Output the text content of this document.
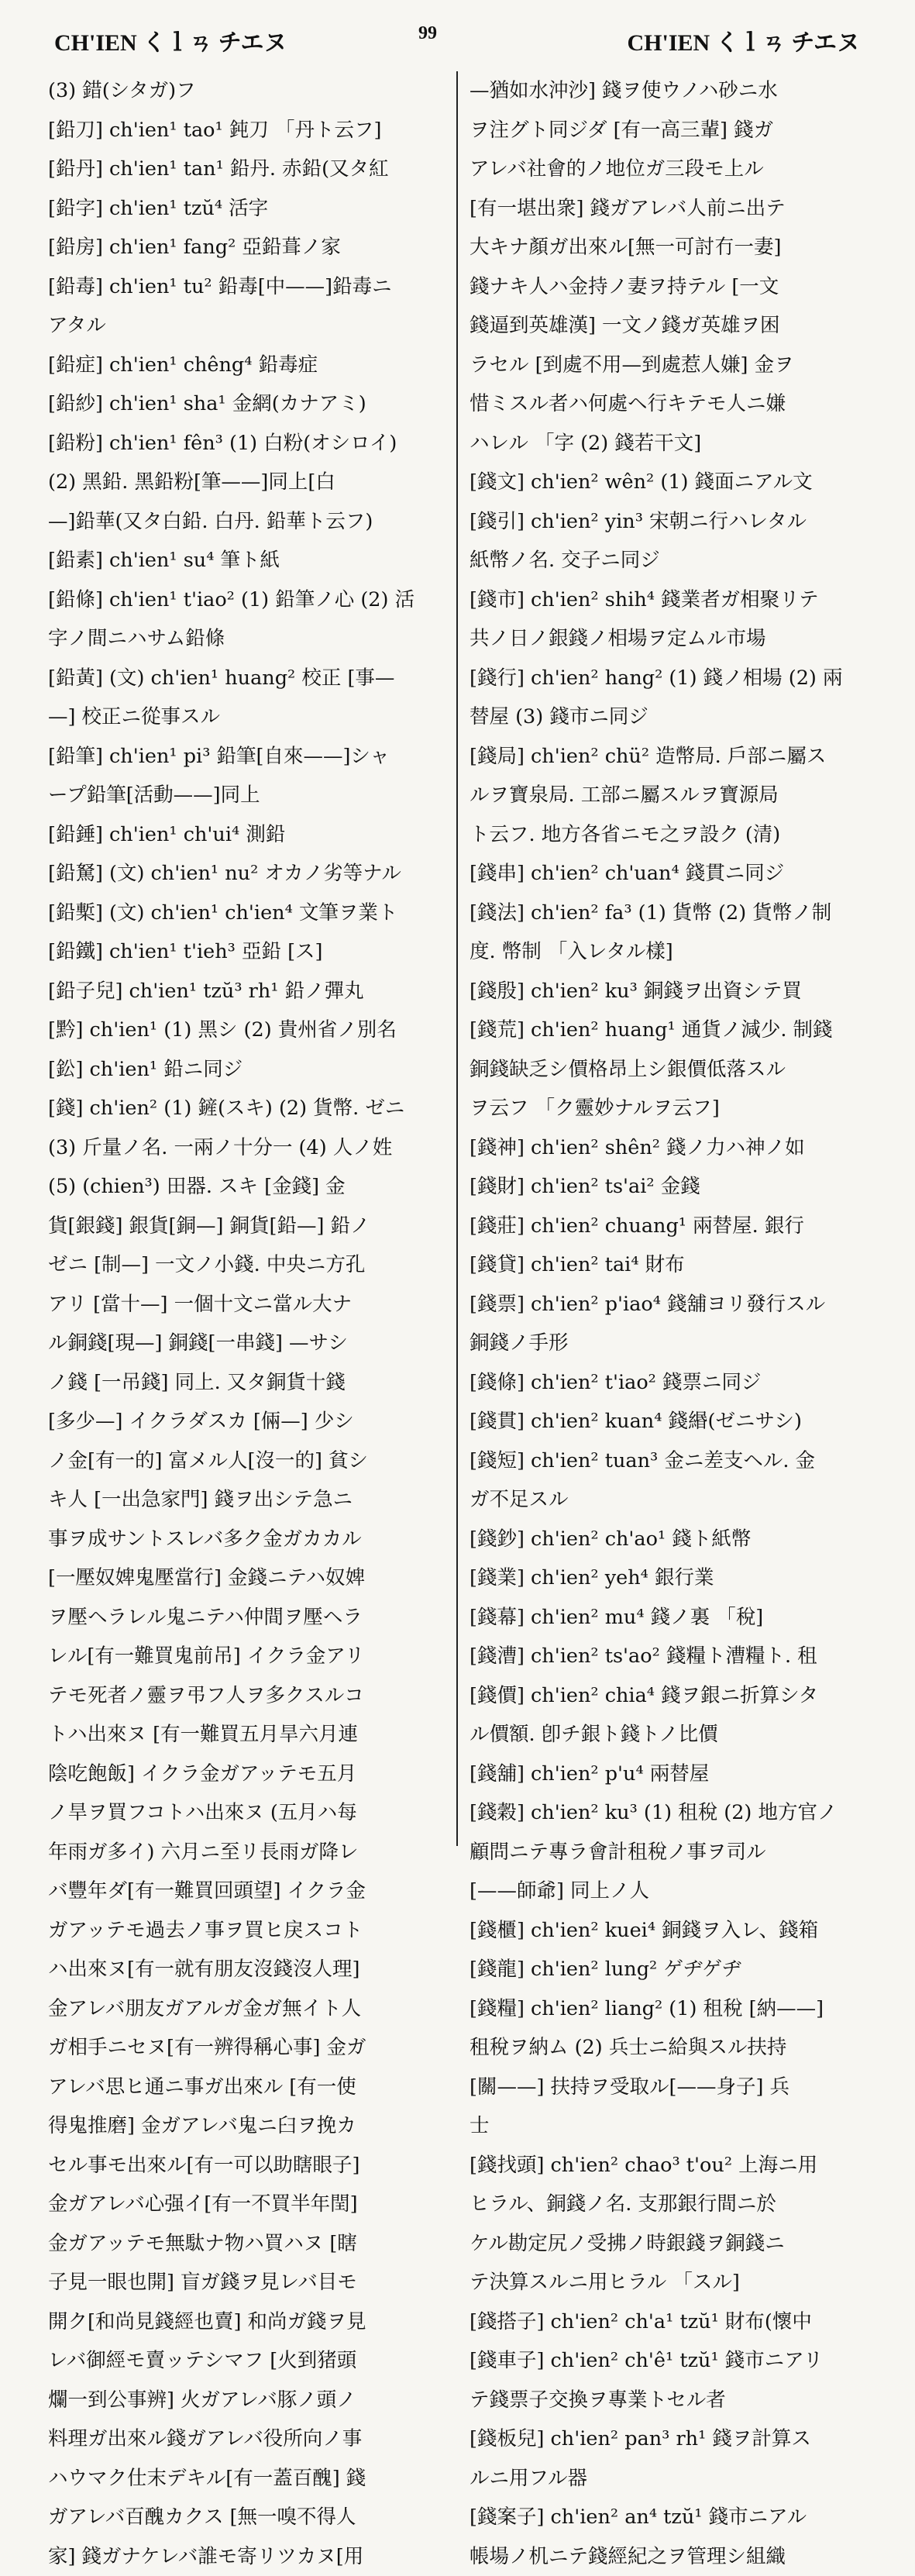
CH'IEN くｌㄢ チエヌ	99	CH'IEN くｌㄢ チエヌ
(3) 錯(シタガ)フ
[鉛刀] ch'ien¹ tao¹ 鈍刀 「丹ト云フ]
[鉛丹] ch'ien¹ tan¹ 鉛丹. 赤鉛(又タ紅
[鉛字] ch'ien¹ tzŭ⁴ 活字
[鉛房] ch'ien¹ fang² 亞鉛葺ノ家
[鉛毒] ch'ien¹ tu² 鉛毒[中——]鉛毒ニ
アタル
[鉛症] ch'ien¹ chêng⁴ 鉛毒症
[鉛紗] ch'ien¹ sha¹ 金網(カナアミ)
[鉛粉] ch'ien¹ fên³ (1) 白粉(オシロイ)
(2) 黑鉛. 黑鉛粉[筆——]同上[白
—]鉛華(又タ白鉛. 白丹. 鉛華ト云フ)
[鉛素] ch'ien¹ su⁴ 筆ト紙
[鉛條] ch'ien¹ t'iao² (1) 鉛筆ノ心 (2) 活
字ノ間ニハサム鉛條
[鉛黃] (文) ch'ien¹ huang² 校正 [事—
—] 校正ニ從事スル
[鉛筆] ch'ien¹ pi³ 鉛筆[自來——]シャ
ープ鉛筆[活動——]同上
[鉛錘] ch'ien¹ ch'ui⁴ 測鉛
[鉛駑] (文) ch'ien¹ nu² オカノ劣等ナル
[鉛槧] (文) ch'ien¹ ch'ien⁴ 文筆ヲ業ト
[鉛鐵] ch'ien¹ t'ieh³ 亞鉛 [ス]
[鉛子兒] ch'ien¹ tzŭ³ rh¹ 鉛ノ彈丸
[黔] ch'ien¹ (1) 黑シ (2) 貴州省ノ別名
[鈆] ch'ien¹ 鉛ニ同ジ
[錢] ch'ien² (1) 鏟(スキ) (2) 貨幣. ゼニ
(3) 斤量ノ名. 一兩ノ十分一 (4) 人ノ姓
(5) (chien³) 田器. スキ [金錢] 金
貨[銀錢] 銀貨[銅—] 銅貨[鉛—] 鉛ノ
ゼニ [制—] 一文ノ小錢. 中央ニ方孔
アリ [當十—] 一個十文ニ當ル大ナ
ル銅錢[現—] 銅錢[一串錢] —サシ
ノ錢 [一吊錢] 同上. 又タ銅貨十錢
[多少—] イクラダスカ [倆—] 少シ
ノ金[有一的] 富メル人[沒一的] 貧シ
キ人 [一出急家門] 錢ヲ出シテ急ニ
事ヲ成サントスレバ多ク金ガカカル
[一壓奴婢鬼壓當行] 金錢ニテハ奴婢
ヲ壓ヘラレル鬼ニテハ仲間ヲ壓ヘラ
レル[有一難買鬼前吊] イクラ金アリ
テモ死者ノ靈ヲ弔フ人ヲ多クスルコ
トハ出來ヌ [有一難買五月旱六月連
陰吃飽飯] イクラ金ガアッテモ五月
ノ旱ヲ買フコトハ出來ヌ (五月ハ每
年雨ガ多イ) 六月ニ至リ長雨ガ降レ
バ豐年ダ[有一難買回頭望] イクラ金
ガアッテモ過去ノ事ヲ買ヒ戾スコト
ハ出來ヌ[有一就有朋友沒錢沒人理]
金アレバ朋友ガアルガ金ガ無イト人
ガ相手ニセヌ[有一辨得稱心事] 金ガ
アレバ思ヒ通ニ事ガ出來ル [有一使
得鬼推磨] 金ガアレバ鬼ニ臼ヲ挽カ
セル事モ出來ル[有一可以助瞎眼子]
金ガアレバ心强イ[有一不買半年閏]
金ガアッテモ無駄ナ物ハ買ハヌ [瞎
子見一眼也開] 盲ガ錢ヲ見レバ目モ
開ク[和尚見錢經也賣] 和尚ガ錢ヲ見
レバ御經モ賣ッテシマフ [火到猪頭
爛一到公事辨] 火ガアレバ豚ノ頭ノ
料理ガ出來ル錢ガアレバ役所向ノ事
ハウマク仕末デキル[有一蓋百醜] 錢
ガアレバ百醜カクス [無一嗅不得人
家] 錢ガナケレバ誰モ寄リツカヌ[用
—猶如水沖沙] 錢ヲ使ウノハ砂ニ水
ヲ注グト同ジダ [有一高三輩] 錢ガ
アレバ社會的ノ地位ガ三段モ上ル
[有一堪出衆] 錢ガアレバ人前ニ出テ
大キナ顏ガ出來ル[無一可討冇一妻]
錢ナキ人ハ金持ノ妻ヲ持テル [一文
錢逼到英雄漢] 一文ノ錢ガ英雄ヲ困
ラセル [到處不用—到處惹人嫌] 金ヲ
惜ミスル者ハ何處ヘ行キテモ人ニ嫌
ハレル 「字 (2) 錢若干文]
[錢文] ch'ien² wên² (1) 錢面ニアル文
[錢引] ch'ien² yin³ 宋朝ニ行ハレタル
紙幣ノ名. 交子ニ同ジ
[錢市] ch'ien² shih⁴ 錢業者ガ相聚リテ
共ノ日ノ銀錢ノ相場ヲ定ムル市場
[錢行] ch'ien² hang² (1) 錢ノ相場 (2) 兩
替屋 (3) 錢市ニ同ジ
[錢局] ch'ien² chü² 造幣局. 戶部ニ屬ス
ルヲ寶泉局. 工部ニ屬スルヲ寶源局
ト云フ. 地方各省ニモ之ヲ設ク (清)
[錢串] ch'ien² ch'uan⁴ 錢貫ニ同ジ
[錢法] ch'ien² fa³ (1) 貨幣 (2) 貨幣ノ制
度. 幣制 「入レタル樣]
[錢殷] ch'ien² ku³ 銅錢ヲ出資シテ買
[錢荒] ch'ien² huang¹ 通貨ノ減少. 制錢
銅錢缺乏シ價格昂上シ銀價低落スル
ヲ云フ 「ク靈妙ナルヲ云フ]
[錢神] ch'ien² shên² 錢ノ力ハ神ノ如
[錢財] ch'ien² ts'ai² 金錢
[錢莊] ch'ien² chuang¹ 兩替屋. 銀行
[錢貸] ch'ien² tai⁴ 財布
[錢票] ch'ien² p'iao⁴ 錢舖ヨリ發行スル
銅錢ノ手形
[錢條] ch'ien² t'iao² 錢票ニ同ジ
[錢貫] ch'ien² kuan⁴ 錢緡(ゼニサシ)
[錢短] ch'ien² tuan³ 金ニ差支ヘル. 金
ガ不足スル
[錢鈔] ch'ien² ch'ao¹ 錢ト紙幣
[錢業] ch'ien² yeh⁴ 銀行業
[錢幕] ch'ien² mu⁴ 錢ノ裏 「稅]
[錢漕] ch'ien² ts'ao² 錢糧ト漕糧ト. 租
[錢價] ch'ien² chia⁴ 錢ヲ銀ニ折算シタ
ル價額. 卽チ銀ト錢トノ比價
[錢舖] ch'ien² p'u⁴ 兩替屋
[錢穀] ch'ien² ku³ (1) 租稅 (2) 地方官ノ
顧問ニテ專ラ會計租稅ノ事ヲ司ル
[——師爺] 同上ノ人
[錢櫃] ch'ien² kuei⁴ 銅錢ヲ入レ、錢箱
[錢龍] ch'ien² lung² ゲヂゲヂ
[錢糧] ch'ien² liang² (1) 租稅 [納——]
租稅ヲ納ム (2) 兵士ニ給與スル扶持
[關——] 扶持ヲ受取ル[——身子] 兵
士
[錢找頭] ch'ien² chao³ t'ou² 上海ニ用
ヒラル、銅錢ノ名. 支那銀行間ニ於
ケル勘定尻ノ受拂ノ時銀錢ヲ銅錢ニ
テ決算スルニ用ヒラル 「スル]
[錢搭子] ch'ien² ch'a¹ tzŭ¹ 財布(懷中
[錢車子] ch'ien² ch'ê¹ tzŭ¹ 錢市ニアリ
テ錢票子交換ヲ專業トセル者
[錢板兒] ch'ien² pan³ rh¹ 錢ヲ計算ス
ルニ用フル器
[錢案子] ch'ien² an⁴ tzŭ¹ 錢市ニアル
帳場ノ机ニテ錢經紀之ヲ管理シ組織
